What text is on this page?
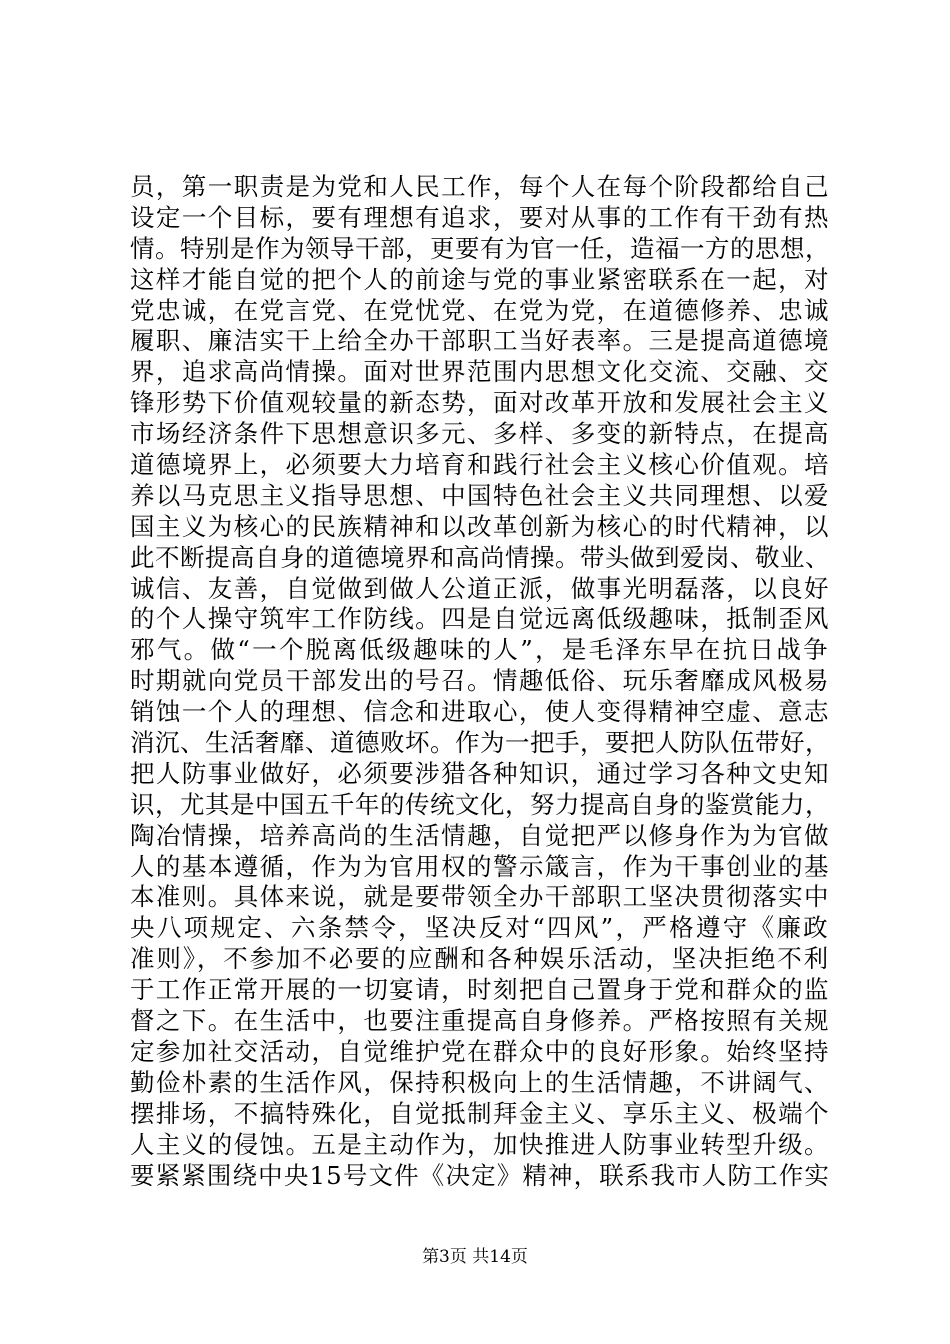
员，第一职责是为党和人民工作，每个人在每个阶段都给自己
设定一个目标，要有理想有追求，要对从事的工作有干劲有热
情。特别是作为领导干部，更要有为官一任，造福一方的思想，
这样才能自觉的把个人的前途与党的事业紧密联系在一起，对
党忠诚，在党言党、在党忧党、在党为党，在道德修养、忠诚
履职、廉洁实干上给全办干部职工当好表率。三是提高道德境
界，追求高尚情操。面对世界范围内思想文化交流、交融、交
锋形势下价值观较量的新态势，面对改革开放和发展社会主义
市场经济条件下思想意识多元、多样、多变的新特点，在提高
道德境界上，必须要大力培育和践行社会主义核心价值观。培
养以马克思主义指导思想、中国特色社会主义共同理想、以爱
国主义为核心的民族精神和以改革创新为核心的时代精神，以
此不断提高自身的道德境界和高尚情操。带头做到爱岗、敬业、
诚信、友善，自觉做到做人公道正派，做事光明磊落，以良好
的个人操守筑牢工作防线。四是自觉远离低级趣味，抵制歪风
邪气。做“一个脱离低级趣味的人”，是毛泽东早在抗日战争
时期就向党员干部发出的号召。情趣低俗、玩乐奢靡成风极易
销蚀一个人的理想、信念和进取心，使人变得精神空虚、意志
消沉、生活奢靡、道德败坏。作为一把手，要把人防队伍带好，
把人防事业做好，必须要涉猎各种知识，通过学习各种文史知
识，尤其是中国五千年的传统文化，努力提高自身的鉴赏能力，
陶冶情操，培养高尚的生活情趣，自觉把严以修身作为为官做
人的基本遵循，作为为官用权的警示箴言，作为干事创业的基
本准则。具体来说，就是要带领全办干部职工坚决贯彻落实中
央八项规定、六条禁令，坚决反对“四风”，严格遵守《廉政
准则》，不参加不必要的应酬和各种娱乐活动，坚决拒绝不利
于工作正常开展的一切宴请，时刻把自己置身于党和群众的监
督之下。在生活中，也要注重提高自身修养。严格按照有关规
定参加社交活动，自觉维护党在群众中的良好形象。始终坚持
勤俭朴素的生活作风，保持积极向上的生活情趣，不讲阔气、
摆排场，不搞特殊化，自觉抵制拜金主义、享乐主义、极端个
人主义的侵蚀。五是主动作为，加快推进人防事业转型升级。
要紧紧围绕中央15号文件《决定》精神，联系我市人防工作实
第3页 共14页
